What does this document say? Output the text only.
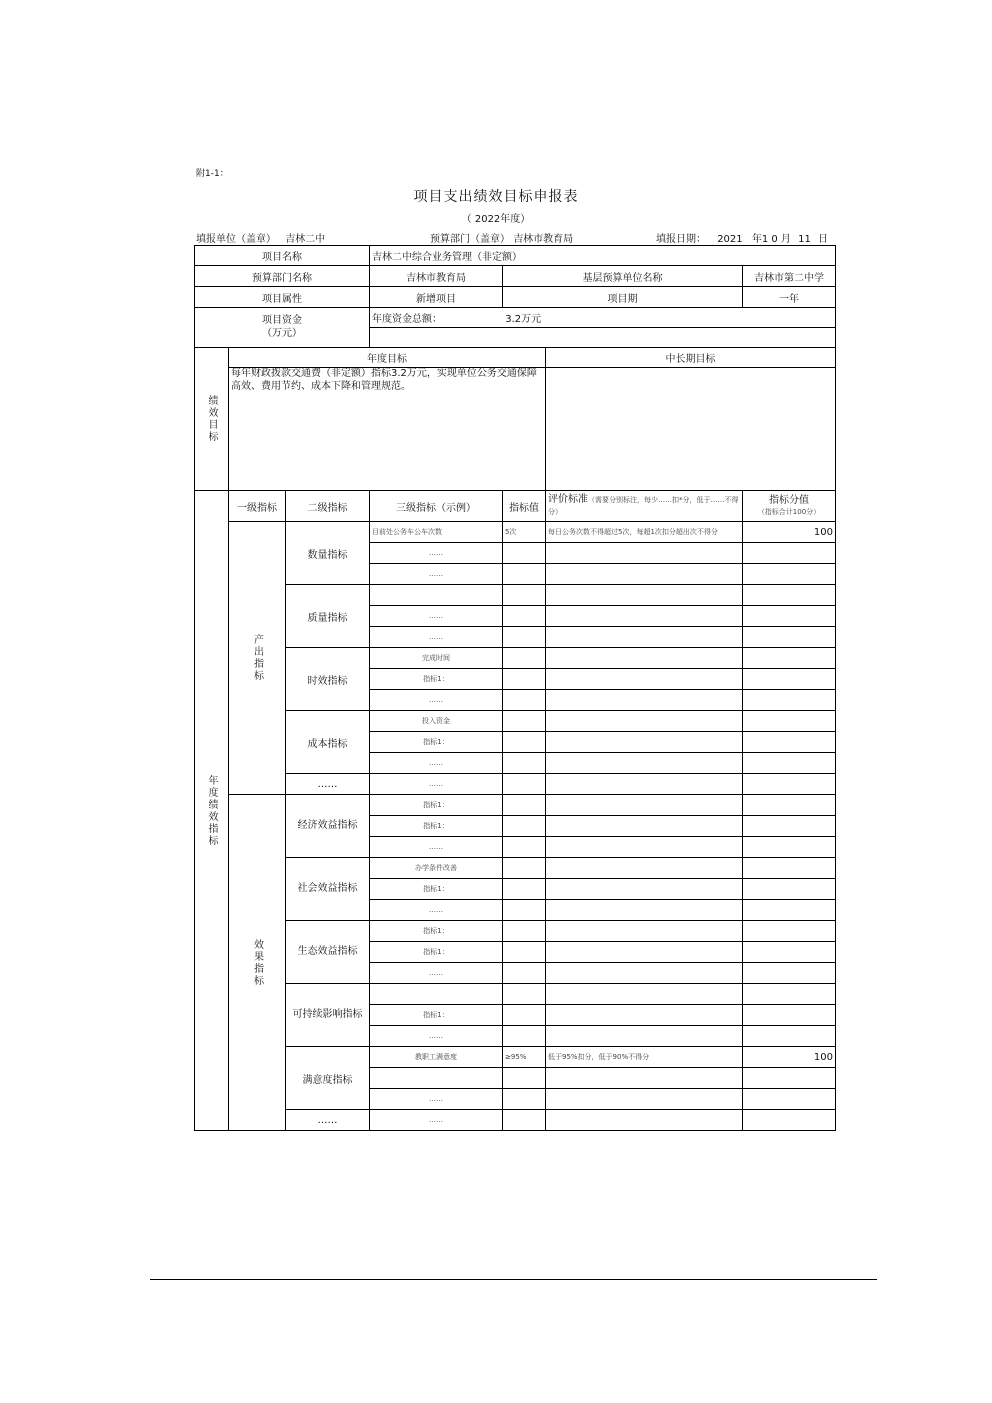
附1-1：
项目支出绩效目标申报表
（ 2022年度）
填报单位（盖章） 吉林二中	预算部门（盖章） 吉林市教育局	填报日期： 2021 年1 0 月 11 日
项目名称			吉林二中综合业务管理（非定额）			
预算部门名称			吉林市教育局	基层预算单位名称		吉林市第二中学
项目属性			新增项目	项目期		一年

项目资金
（万元）			年度资金总额： 3.2万元			

绩效目标	年度目标				中长期目标	
	每年财政拨款交通费（非定额）指标3.2万元，实现单位公务交通保障高效、费用节约、成本下降和管理规范。					
年度绩效指标	一级指标	二级指标	三级指标（示例）	指标值	评价标准（需要分别标注，每少……扣*分，低于……不得分）	指标分值
（指标合计100分）

	产出指标	数量指标	目前处公务车公车次数	5次	每日公务次数不得超过5次，每超1次扣分超出次不得分	100
			……			
			……			
		质量指标				
			……			
			……			
		时效指标	完成时间			
			指标1：			
			……			
		成本指标	投入资金			
			指标1：			
			……			
		……	……			
	效果指标	经济效益指标	指标1：			
			指标1：			
			……			
		社会效益指标	办学条件改善			
			指标1：			
			……			
		生态效益指标	指标1：			
			指标1：			
			……			
		可持续影响指标				
			指标1：			
			……			
		满意度指标	教职工满意度	≥95%	低于95%扣分，低于90%不得分	100

			……			
		……	……			
